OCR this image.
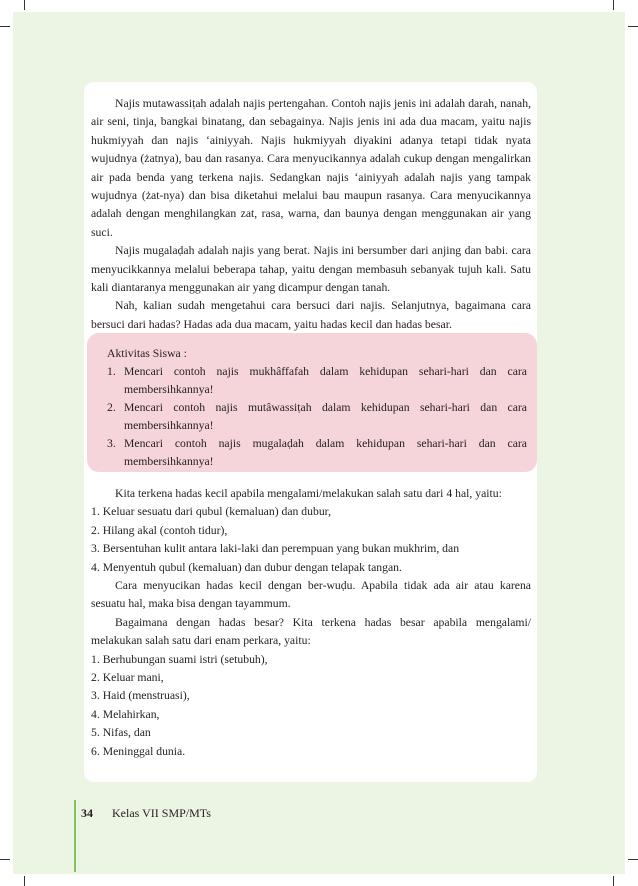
Najis mutawassiṭah adalah najis pertengahan. Contoh najis jenis ini adalah darah, nanah, air seni, tinja, bangkai binatang, dan sebagainya. Najis jenis ini ada dua macam, yaitu najis hukmiyyah dan najis ‘ainiyyah. Najis hukmiyyah diyakini adanya tetapi tidak nyata wujudnya (żatnya), bau dan rasanya. Cara menyucikannya adalah cukup dengan mengalirkan air pada benda yang terkena najis. Sedangkan najis ‘ainiyyah adalah najis yang tampak wujudnya (żat-nya) dan bisa diketahui melalui bau maupun rasanya. Cara menyucikannya adalah dengan menghilangkan zat, rasa, warna, dan baunya dengan menggunakan air yang suci.

Najis mugalaḍah adalah najis yang berat. Najis ini bersumber dari anjing dan babi. cara menyucikkannya melalui beberapa tahap, yaitu dengan membasuh sebanyak tujuh kali. Satu kali diantaranya menggunakan air yang dicampur dengan tanah.

Nah, kalian sudah mengetahui cara bersuci dari najis. Selanjutnya, bagaimana cara bersuci dari hadas? Hadas ada dua macam, yaitu hadas kecil dan hadas besar.

Aktivitas Siswa :
1. Mencari contoh najis mukhâffafah dalam kehidupan sehari-hari dan cara membersihkannya!
2. Mencari contoh najis mutâwassiṭah dalam kehidupan sehari-hari dan cara membersihkannya!
3. Mencari contoh najis mugalaḍah dalam kehidupan sehari-hari dan cara membersihkannya!

Kita terkena hadas kecil apabila mengalami/melakukan salah satu dari 4 hal, yaitu:

1. Keluar sesuatu dari qubul (kemaluan) dan dubur,

2. Hilang akal (contoh tidur),

3. Bersentuhan kulit antara laki-laki dan perempuan yang bukan mukhrim, dan

4. Menyentuh qubul (kemaluan) dan dubur dengan telapak tangan.

Cara menyucikan hadas kecil dengan ber-wuḍu. Apabila tidak ada air atau karena sesuatu hal, maka bisa dengan tayammum.

Bagaimana dengan hadas besar? Kita terkena hadas besar apabila mengalami/ melakukan salah satu dari enam perkara, yaitu:

1. Berhubungan suami istri (setubuh),

2. Keluar mani,

3. Haid (menstruasi),

4. Melahirkan,

5. Nifas, dan

6. Meninggal dunia.

34 Kelas VII SMP/MTs
